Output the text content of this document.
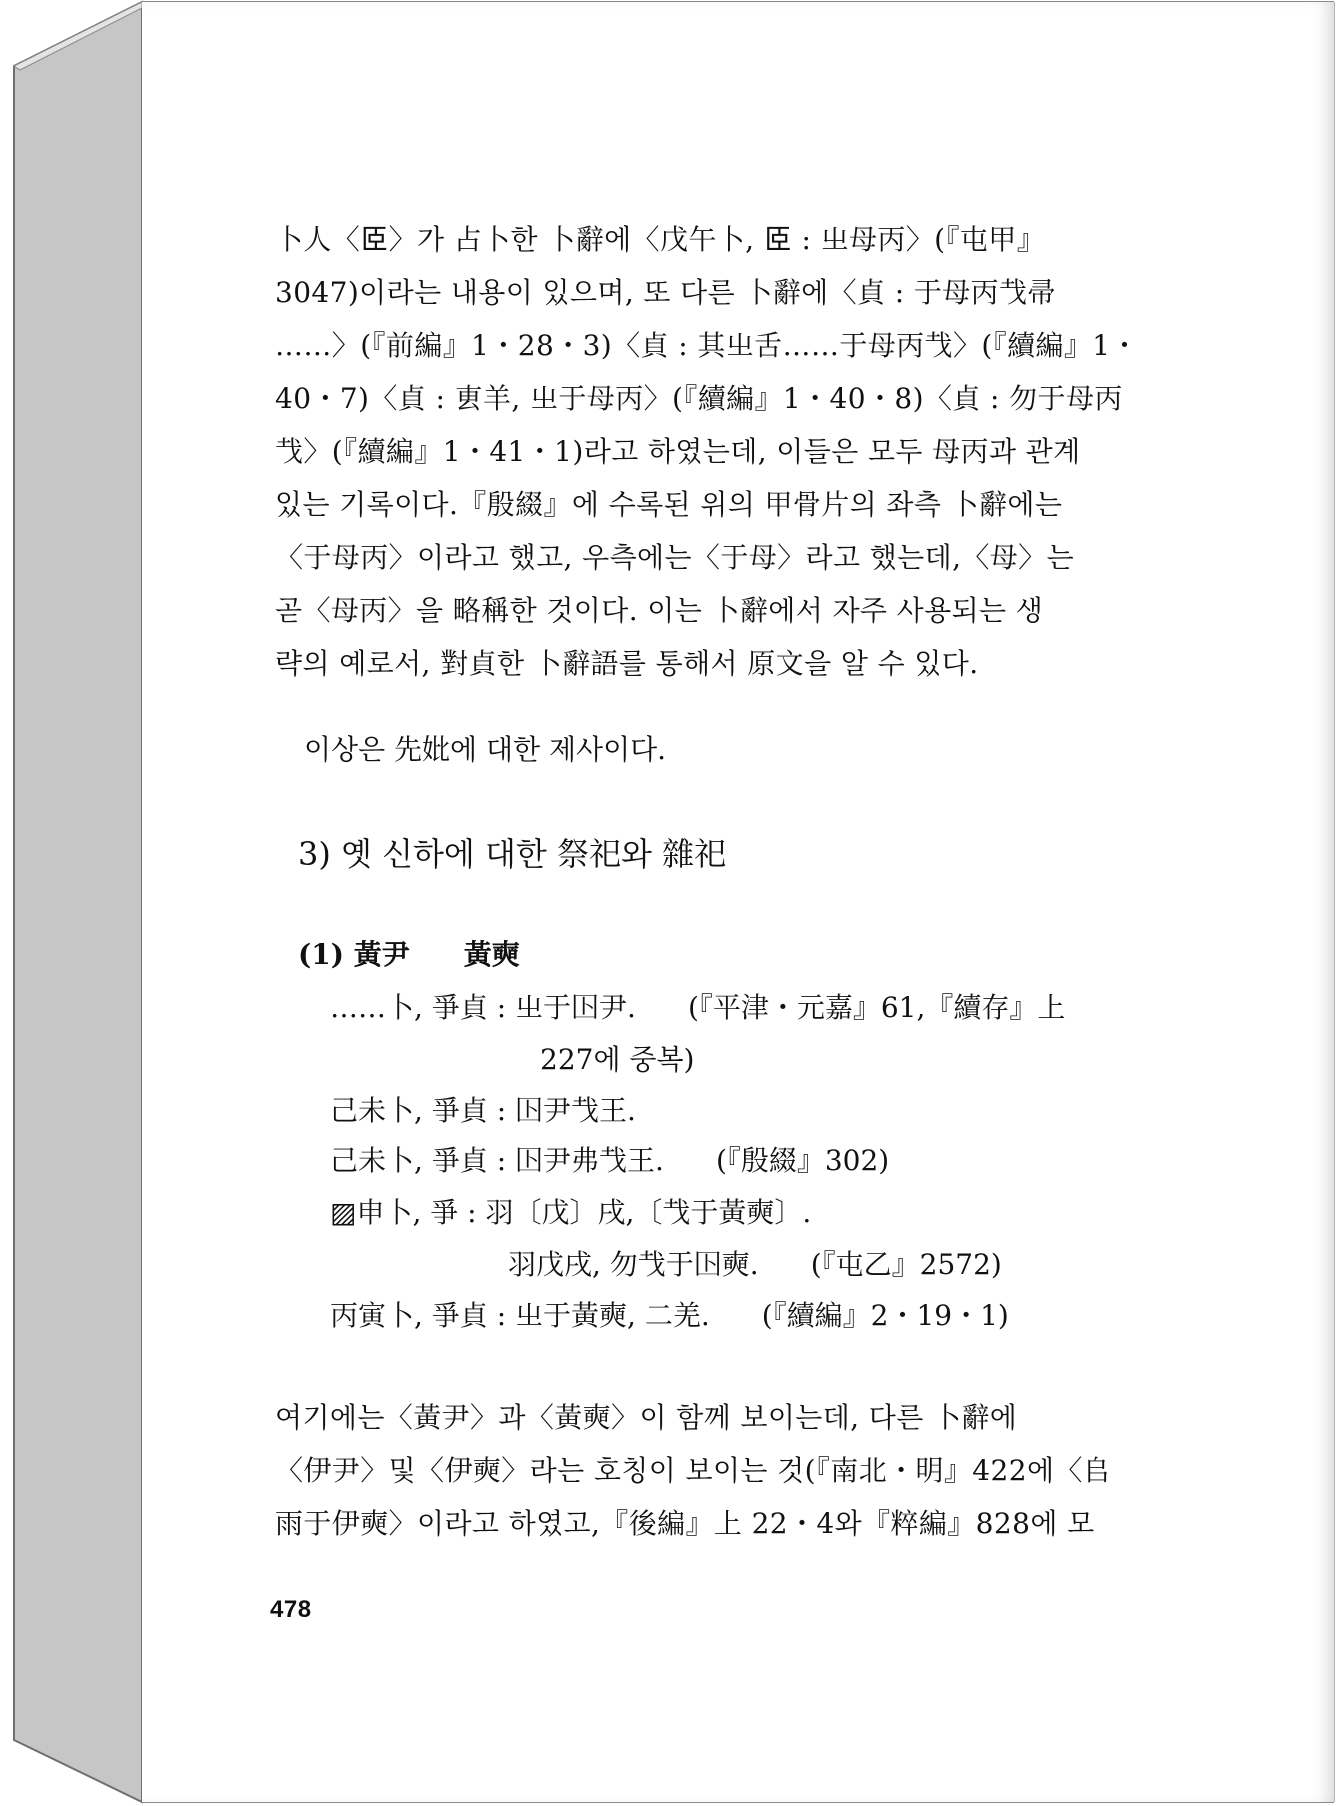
卜人〈𦣞〉가 占卜한 卜辭에〈戊午卜, 𦣞 : 㞢母丙〉(『屯甲』
3047)이라는 내용이 있으며, 또 다른 卜辭에〈貞 : 于母丙𢦏帚
……〉(『前編』1・28・3)〈貞 : 其㞢舌……于母丙𢦏〉(『續編』1・
40・7)〈貞 : 叀羊, 㞢于母丙〉(『續編』1・40・8)〈貞 : 勿于母丙
𢦏〉(『續編』1・41・1)라고 하였는데, 이들은 모두 母丙과 관계
있는 기록이다.『殷綴』에 수록된 위의 甲骨片의 좌측 卜辭에는
〈于母丙〉이라고 했고, 우측에는〈于母〉라고 했는데,〈母〉는
곧〈母丙〉을 略稱한 것이다. 이는 卜辭에서 자주 사용되는 생
략의 예로서, 對貞한 卜辭語를 통해서 原文을 알 수 있다.
이상은 先妣에 대한 제사이다.
3) 옛 신하에 대한 祭祀와 雜祀
(1) 黃尹 黃奭
……卜, 爭貞 : 㞢于𡆥尹. (『平津・元嘉』61,『續存』上
227에 중복)
己未卜, 爭貞 : 𡆥尹𢦏王.
己未卜, 爭貞 : 𡆥尹弗𢦏王. (『殷綴』302)
▨申卜, 爭 : 羽〔戊〕戌,〔𢦏于黃奭〕.
羽戊戌, 勿𢦏于𡆥奭. (『屯乙』2572)
丙寅卜, 爭貞 : 㞢于黃奭, 二羌. (『續編』2・19・1)
여기에는〈黃尹〉과〈黃奭〉이 함께 보이는데, 다른 卜辭에
〈伊尹〉및〈伊奭〉라는 호칭이 보이는 것(『南北・明』422에〈𠂤
雨于伊奭〉이라고 하였고,『後編』上 22・4와『粹編』828에 모
478
